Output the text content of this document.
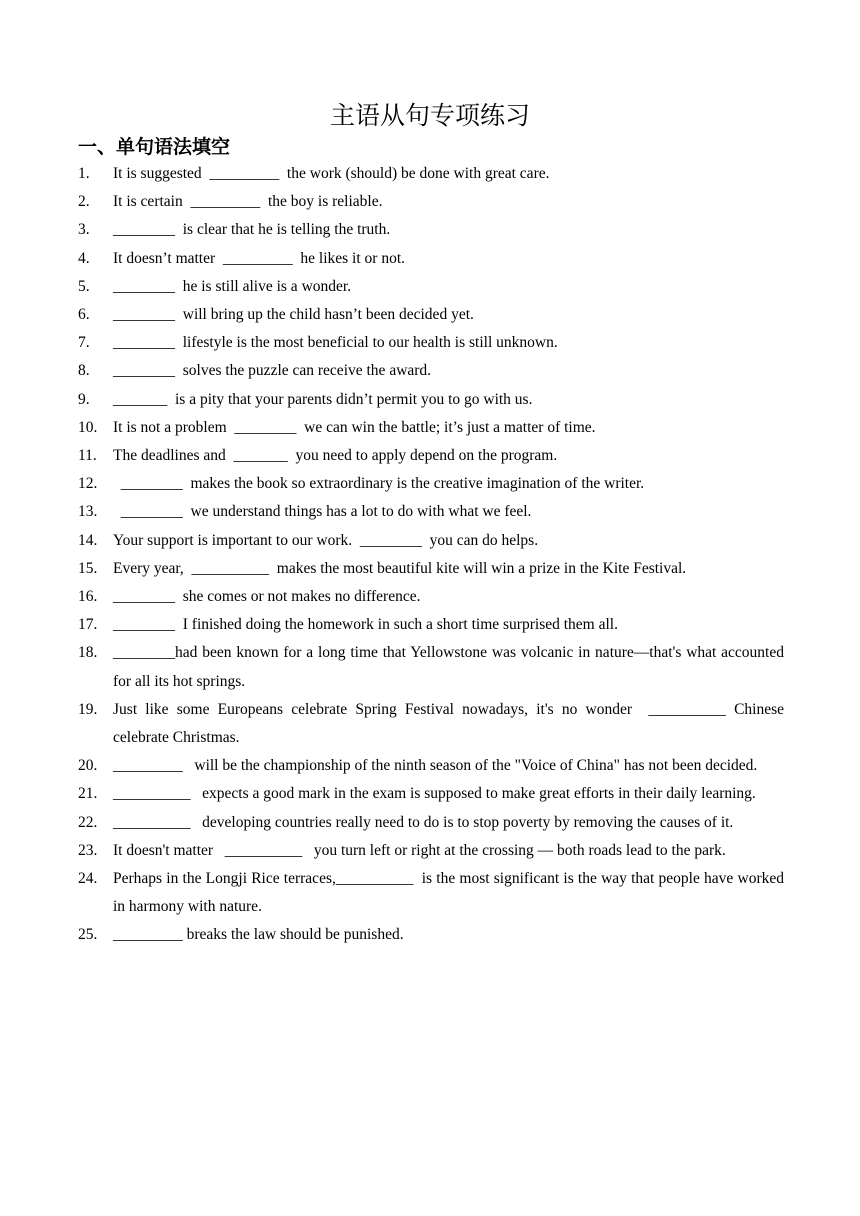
主语从句专项练习
一、单句语法填空
1. It is suggested  _________  the work (should) be done with great care.
2. It is certain  _________  the boy is reliable.
3. ________  is clear that he is telling the truth.
4. It doesn’t matter  _________  he likes it or not.
5. ________  he is still alive is a wonder.
6. ________  will bring up the child hasn’t been decided yet.
7. ________  lifestyle is the most beneficial to our health is still unknown.
8. ________  solves the puzzle can receive the award.
9. _______  is a pity that your parents didn’t permit you to go with us.
10. It is not a problem  ________  we can win the battle; it’s just a matter of time.
11. The deadlines and  _______  you need to apply depend on the program.
12. ________  makes the book so extraordinary is the creative imagination of the writer.
13. ________  we understand things has a lot to do with what we feel.
14. Your support is important to our work.  ________  you can do helps.
15. Every year,  __________  makes the most beautiful kite will win a prize in the Kite Festival.
16. ________  she comes or not makes no difference.
17. ________  I finished doing the homework in such a short time surprised them all.
18. ________had been known for a long time that Yellowstone was volcanic in nature—that's what accounted for all its hot springs.
19. Just like some Europeans celebrate Spring Festival nowadays, it's no wonder  __________ Chinese celebrate Christmas.
20. _________   will be the championship of the ninth season of the "Voice of China" has not been decided.
21. __________   expects a good mark in the exam is supposed to make great efforts in their daily learning.
22. __________   developing countries really need to do is to stop poverty by removing the causes of it.
23. It doesn't matter   __________   you turn left or right at the crossing — both roads lead to the park.
24. Perhaps in the Longji Rice terraces,__________  is the most significant is the way that people have worked in harmony with nature.
25. _________ breaks the law should be punished.
